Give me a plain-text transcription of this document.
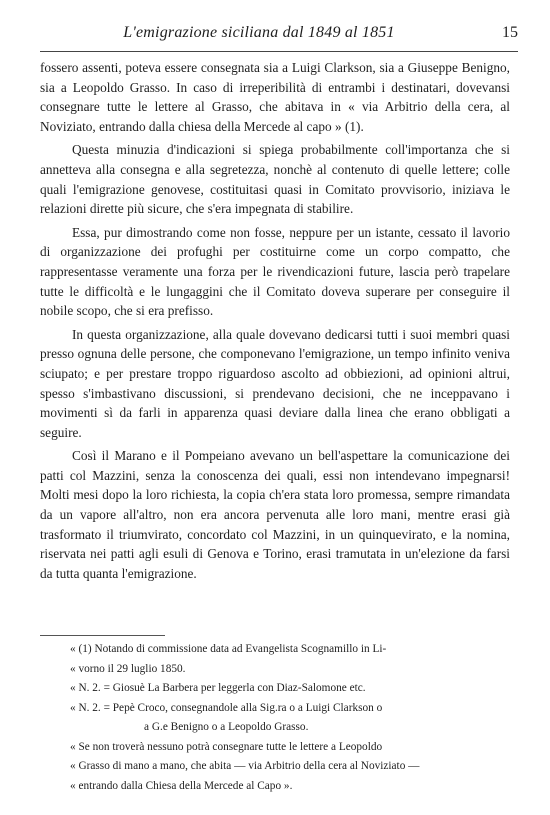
L'emigrazione siciliana dal 1849 al 1851	15

fossero assenti, poteva essere consegnata sia a Luigi Clarkson, sia a Giuseppe Benigno, sia a Leopoldo Grasso. In caso di irreperibilità di entrambi i destinatari, dovevansi consegnare tutte le lettere al Grasso, che abitava in « via Arbitrio della cera, al Noviziato, entrando dalla chiesa della Mercede al capo » (1).

Questa minuzia d'indicazioni si spiega probabilmente coll'importanza che si annetteva alla consegna e alla segretezza, nonchè al contenuto di quelle lettere; colle quali l'emigrazione genovese, costituitasi quasi in Comitato provvisorio, iniziava le relazioni dirette più sicure, che s'era impegnata di stabilire.

Essa, pur dimostrando come non fosse, neppure per un istante, cessato il lavorio di organizzazione dei profughi per costituirne come un corpo compatto, che rappresentasse veramente una forza per le rivendicazioni future, lascia però trapelare tutte le difficoltà e le lungaggini che il Comitato doveva superare per conseguire il nobile scopo, che si era prefisso.

In questa organizzazione, alla quale dovevano dedicarsi tutti i suoi membri quasi presso ognuna delle persone, che componevano l'emigrazione, un tempo infinito veniva sciupato; e per prestare troppo riguardoso ascolto ad obbiezioni, ad opinioni altrui, spesso s'imbastivano discussioni, si prendevano decisioni, che ne inceppavano i movimenti sì da farli in apparenza quasi deviare dalla linea che erano obbligati a seguire.

Così il Marano e il Pompeiano avevano un bell'aspettare la comunicazione dei patti col Mazzini, senza la conoscenza dei quali, essi non intendevano impegnarsi! Molti mesi dopo la loro richiesta, la copia ch'era stata loro promessa, sempre rimandata da un vapore all'altro, non era ancora pervenuta alle loro mani, mentre erasi già trasformato il triumvirato, concordato col Mazzini, in un quinquevirato, e la nomina, riservata nei patti agli esuli di Genova e Torino, erasi tramutata in un'elezione da farsi da tutta quanta l'emigrazione.

« (1) Notando di commissione data ad Evangelista Scognamillo in Li-

« vorno il 29 luglio 1850.

« N. 2. = Giosuè La Barbera per leggerla con Diaz-Salomone etc.

« N. 2. = Pepè Croco, consegnandole alla Sig.ra o a Luigi Clarkson o

a G.e Benigno o a Leopoldo Grasso.

« Se non troverà nessuno potrà consegnare tutte le lettere a Leopoldo

« Grasso di mano a mano, che abita — via Arbitrio della cera al Noviziato —

« entrando dalla Chiesa della Mercede al Capo ».
